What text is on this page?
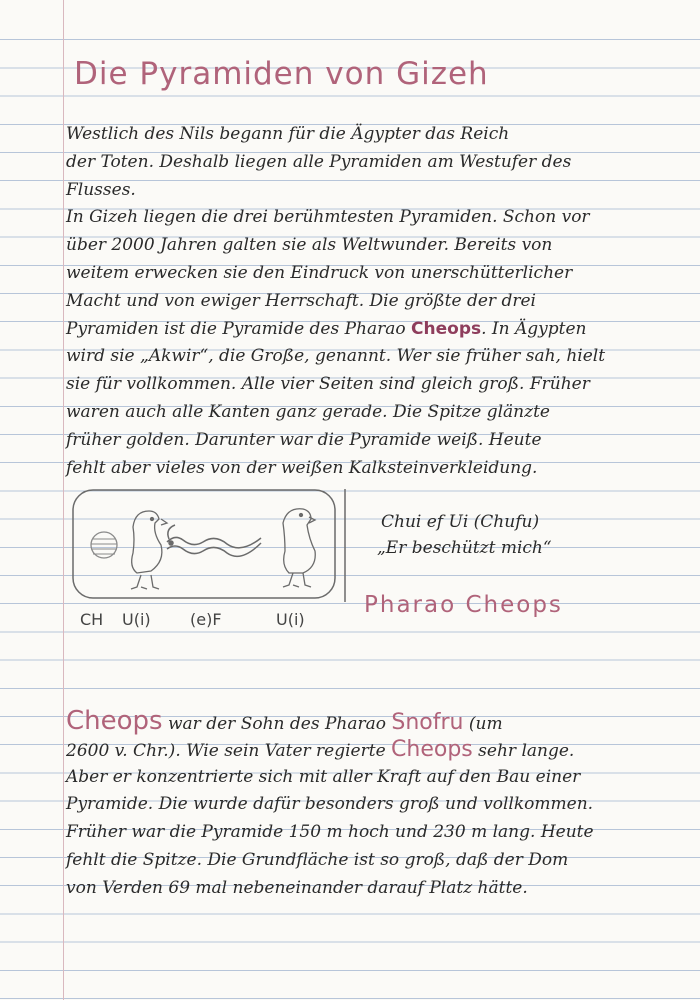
Die Pyramiden von Gizeh
Westlich des Nils begann für die Ägypter das Reich
der Toten. Deshalb liegen alle Pyramiden am Westufer des
Flusses.
In Gizeh liegen die drei berühmtesten Pyramiden. Schon vor
über 2000 Jahren galten sie als Weltwunder. Bereits von
weitem erwecken sie den Eindruck von unerschütterlicher
Macht und von ewiger Herrschaft. Die größte der drei
Pyramiden ist die Pyramide des Pharao Cheops. In Ägypten
wird sie „Akwir“, die Große, genannt. Wer sie früher sah, hielt
sie für vollkommen. Alle vier Seiten sind gleich groß. Früher
waren auch alle Kanten ganz gerade. Die Spitze glänzte
früher golden. Darunter war die Pyramide weiß. Heute
fehlt aber vieles von der weißen Kalksteinverkleidung.
CH U(i) (e)F	U(i)
Chui ef Ui (Chufu)
„Er beschützt mich“
Pharao Cheops
Cheops war der Sohn des Pharao Snofru (um
2600 v. Chr.). Wie sein Vater regierte Cheops sehr lange.
Aber er konzentrierte sich mit aller Kraft auf den Bau einer
Pyramide. Die wurde dafür besonders groß und vollkommen.
Früher war die Pyramide 150 m hoch und 230 m lang. Heute
fehlt die Spitze. Die Grundfläche ist so groß, daß der Dom
von Verden 69 mal nebeneinander darauf Platz hätte.
